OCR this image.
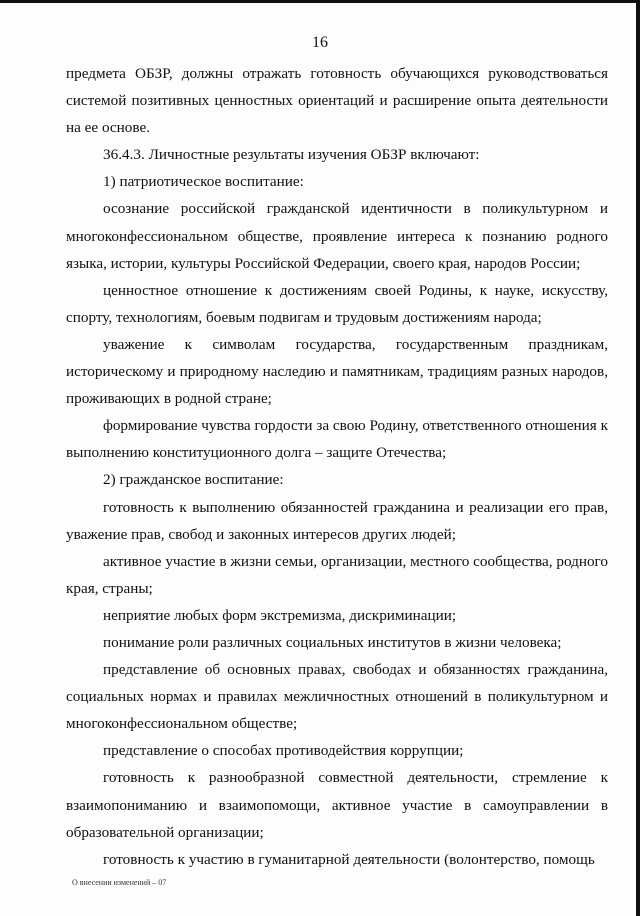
16

предмета ОБЗР, должны отражать готовность обучающихся руководствоваться системой позитивных ценностных ориентаций и расширение опыта деятельности на ее основе.

36.4.3. Личностные результаты изучения ОБЗР включают:

1) патриотическое воспитание:

осознание российской гражданской идентичности в поликультурном и многоконфессиональном обществе, проявление интереса к познанию родного языка, истории, культуры Российской Федерации, своего края, народов России;

ценностное отношение к достижениям своей Родины, к науке, искусству, спорту, технологиям, боевым подвигам и трудовым достижениям народа;

уважение к символам государства, государственным праздникам, историческому и природному наследию и памятникам, традициям разных народов, проживающих в родной стране;

формирование чувства гордости за свою Родину, ответственного отношения к выполнению конституционного долга – защите Отечества;

2) гражданское воспитание:

готовность к выполнению обязанностей гражданина и реализации его прав, уважение прав, свобод и законных интересов других людей;

активное участие в жизни семьи, организации, местного сообщества, родного края, страны;

неприятие любых форм экстремизма, дискриминации;

понимание роли различных социальных институтов в жизни человека;

представление об основных правах, свободах и обязанностях гражданина, социальных нормах и правилах межличностных отношений в поликультурном и многоконфессиональном обществе;

представление о способах противодействия коррупции;

готовность к разнообразной совместной деятельности, стремление к взаимопониманию и взаимопомощи, активное участие в самоуправлении в образовательной организации;

готовность к участию в гуманитарной деятельности (волонтерство, помощь

О внесении изменений – 07
